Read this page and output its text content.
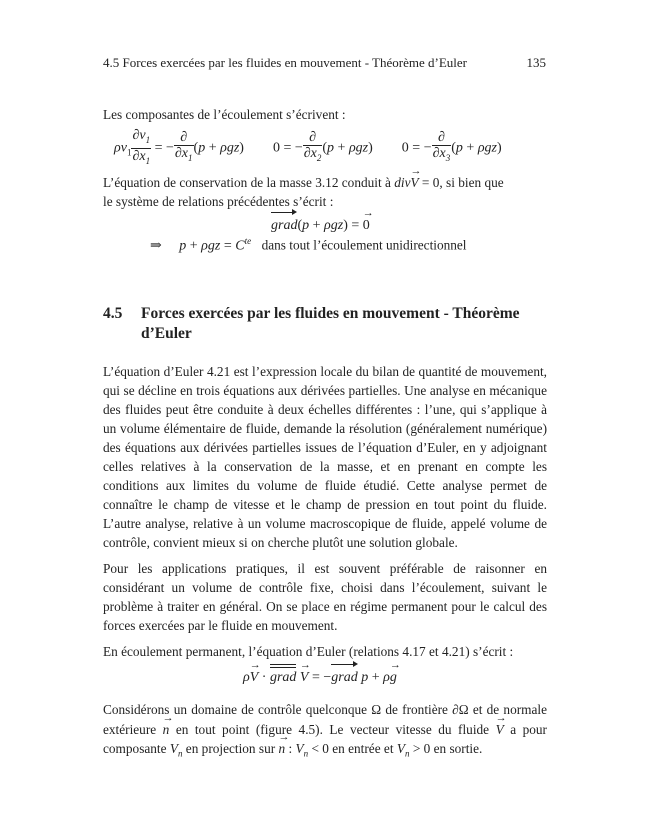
4.5 Forces exercées par les fluides en mouvement - Théorème d’Euler	135
Les composantes de l’écoulement s’écrivent :
$\rho v_1 \frac{\partial v_1}{\partial x_1}$ = − $\frac{\partial}{\partial x_1} (p + \rho gz) 0$ = − $\frac{\partial}{\partial x_2} (p + \rho gz) 0$ = − $\frac{\partial}{\partial x_3} (p + \rho gz)$
L’équation de conservation de la masse 3.12 conduit à div→ V = 0, si bien que
le système de relations précédentes s’écrit :
grad(p + ρgz) = → 0
⇒     $p + \rho gz = C^{te}$ dans tout l’écoulement unidirectionnel
4.5 Forces exercées par les fluides en mouvement - Théorème
d’Euler
L’équation d’Euler 4.21 est l’expression locale du bilan de quantité de mouvement, qui se décline en trois équations aux dérivées partielles. Une analyse en mécanique des fluides peut être conduite à deux échelles différentes : l’une, qui s’applique à un volume élémentaire de fluide, demande la résolution (généralement numérique) des équations aux dérivées partielles issues de l’équation d’Euler, en y adjoignant celles relatives à la conservation de la masse, et en prenant en compte les conditions aux limites du volume de fluide étudié. Cette analyse permet de connaître le champ de vitesse et le champ de pression en tout point du fluide. L’autre analyse, relative à un volume macroscopique de fluide, appelé volume de contrôle, convient mieux si on cherche plutôt une solution globale.
Pour les applications pratiques, il est souvent préférable de raisonner en considérant un volume de contrôle fixe, choisi dans l’écoulement, suivant le problème à traiter en général. On se place en régime permanent pour le calcul des forces exercées par le fluide en mouvement.
En écoulement permanent, l’équation d’Euler (relations 4.17 et 4.21) s’écrit :
ρ→ V ·
grad → V = −
grad p + ρ→ g
Considérons un domaine de contrôle quelconque Ω de frontière ∂Ω et de normale extérieure → n en tout point (figure 4.5). Le vecteur vitesse du fluide → V a pour composante $V_n$ en projection sur → n : $V_n < 0$ en entrée et $V_n > 0$ en sortie.
